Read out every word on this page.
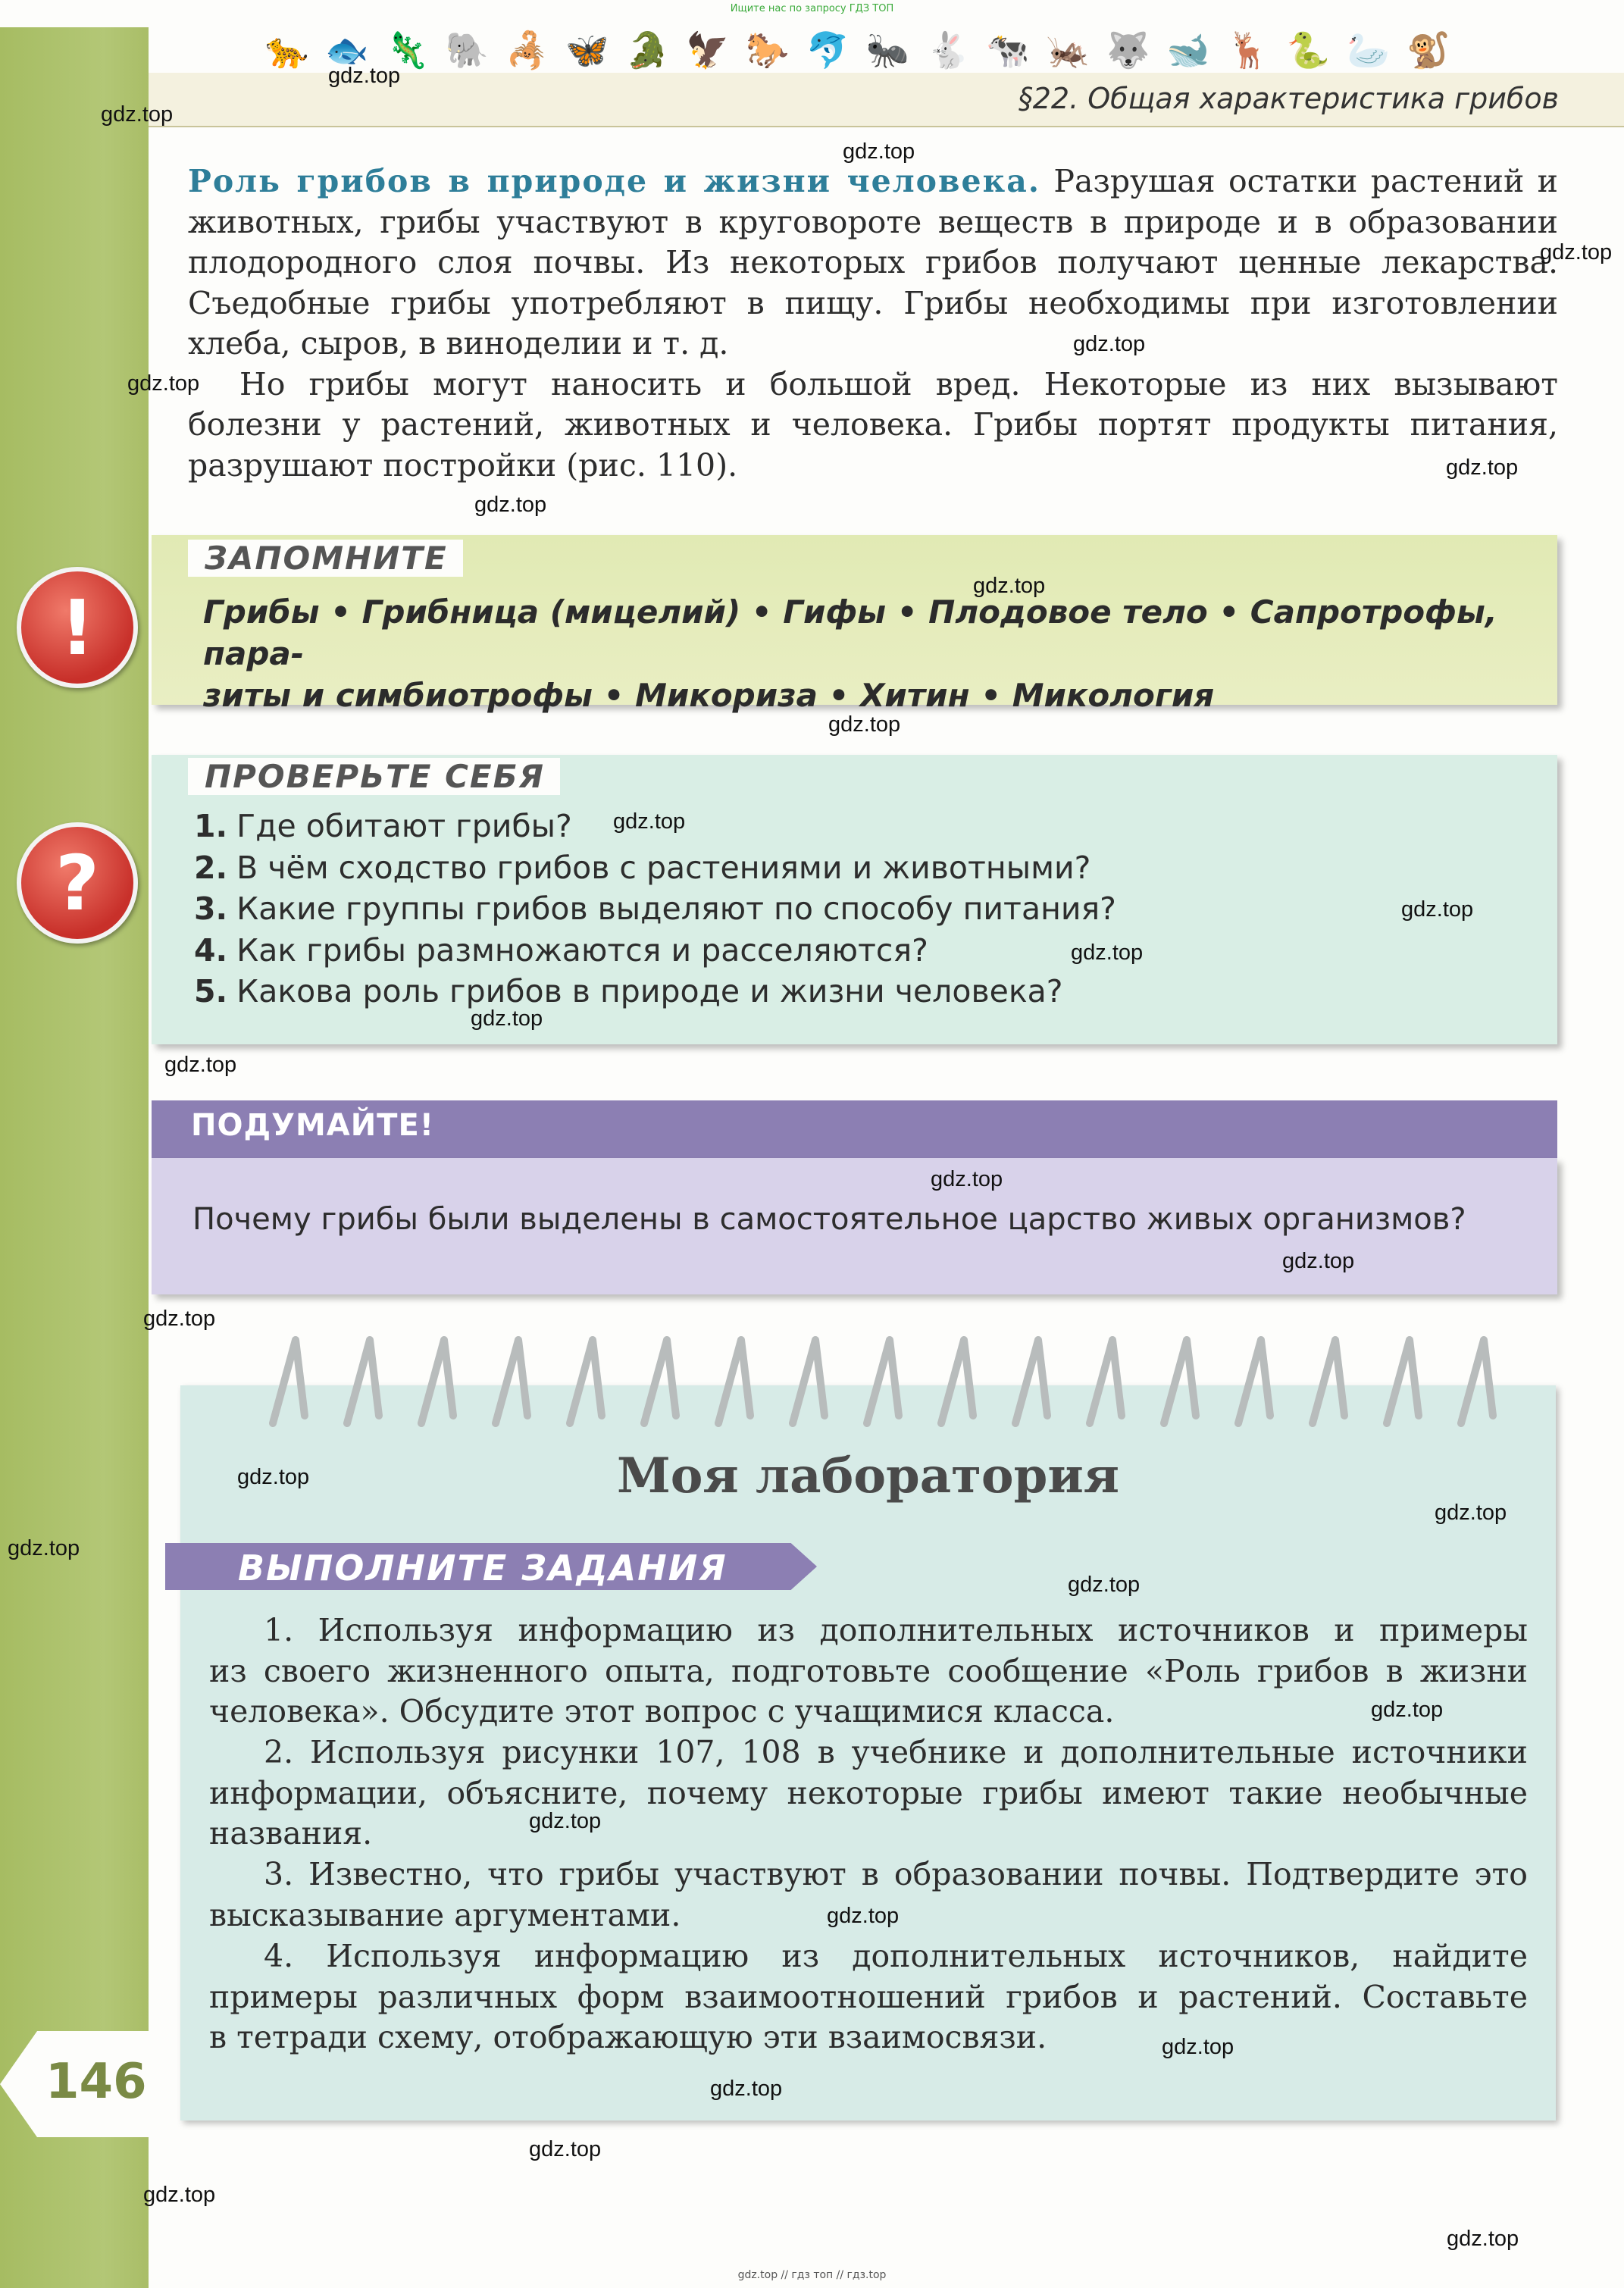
Ищите нас по запросу ГДЗ ТОП
🐆 🐟 🦎 🐘 🦂 🦋 🐊 🦅 🐎 🐬 🐜 🐇 🐄 🦗 🐺 🐋 🦌 🐍 🦢 🐒
§22. Общая характеристика грибов
Роль грибов в природе и жизни человека. Разрушая остатки растений и
животных, грибы участвуют в круговороте веществ в природе и в образовании
плодородного слоя почвы. Из некоторых грибов получают ценные лекарства.
Съедобные грибы употребляют в пищу. Грибы необходимы при изготовлении
хлеба, сыров, в виноделии и т. д.
Но грибы могут наносить и большой вред. Некоторые из них вызывают
болезни у растений, животных и человека. Грибы портят продукты питания,
разрушают постройки (рис. 110).
!
ЗАПОМНИТЕ
Грибы • Грибница (мицелий) • Гифы • Плодовое тело • Сапротрофы, пара-
зиты и симбиотрофы • Микориза • Хитин • Микология
?
ПРОВЕРЬТЕ СЕБЯ
1. Где обитают грибы?
2. В чём сходство грибов с растениями и животными?
3. Какие группы грибов выделяют по способу питания?
4. Как грибы размножаются и расселяются?
5. Какова роль грибов в природе и жизни человека?
ПОДУМАЙТЕ!
Почему грибы были выделены в самостоятельное царство живых организмов?
Моя лаборатория
ВЫПОЛНИТЕ ЗАДАНИЯ
1. Используя информацию из дополнительных источников и примеры
из своего жизненного опыта, подготовьте сообщение «Роль грибов в жизни
человека». Обсудите этот вопрос с учащимися класса.
2. Используя рисунки 107, 108 в учебнике и дополнительные источники
информации, объясните, почему некоторые грибы имеют такие необычные
названия.
3. Известно, что грибы участвуют в образовании почвы. Подтвердите это
высказывание аргументами.
4. Используя информацию из дополнительных источников, найдите
примеры различных форм взаимоотношений грибов и растений. Составьте
в тетради схему, отображающую эти взаимосвязи.
146
gdz.top
gdz.top
gdz.top
gdz.top
gdz.top
gdz.top
gdz.top
gdz.top
gdz.top
gdz.top
gdz.top
gdz.top
gdz.top
gdz.top
gdz.top
gdz.top
gdz.top
gdz.top
gdz.top
gdz.top
gdz.top
gdz.top
gdz.top
gdz.top
gdz.top
gdz.top
gdz.top
gdz.top
gdz.top
gdz.top
gdz.top // гдз топ // гдз.top
